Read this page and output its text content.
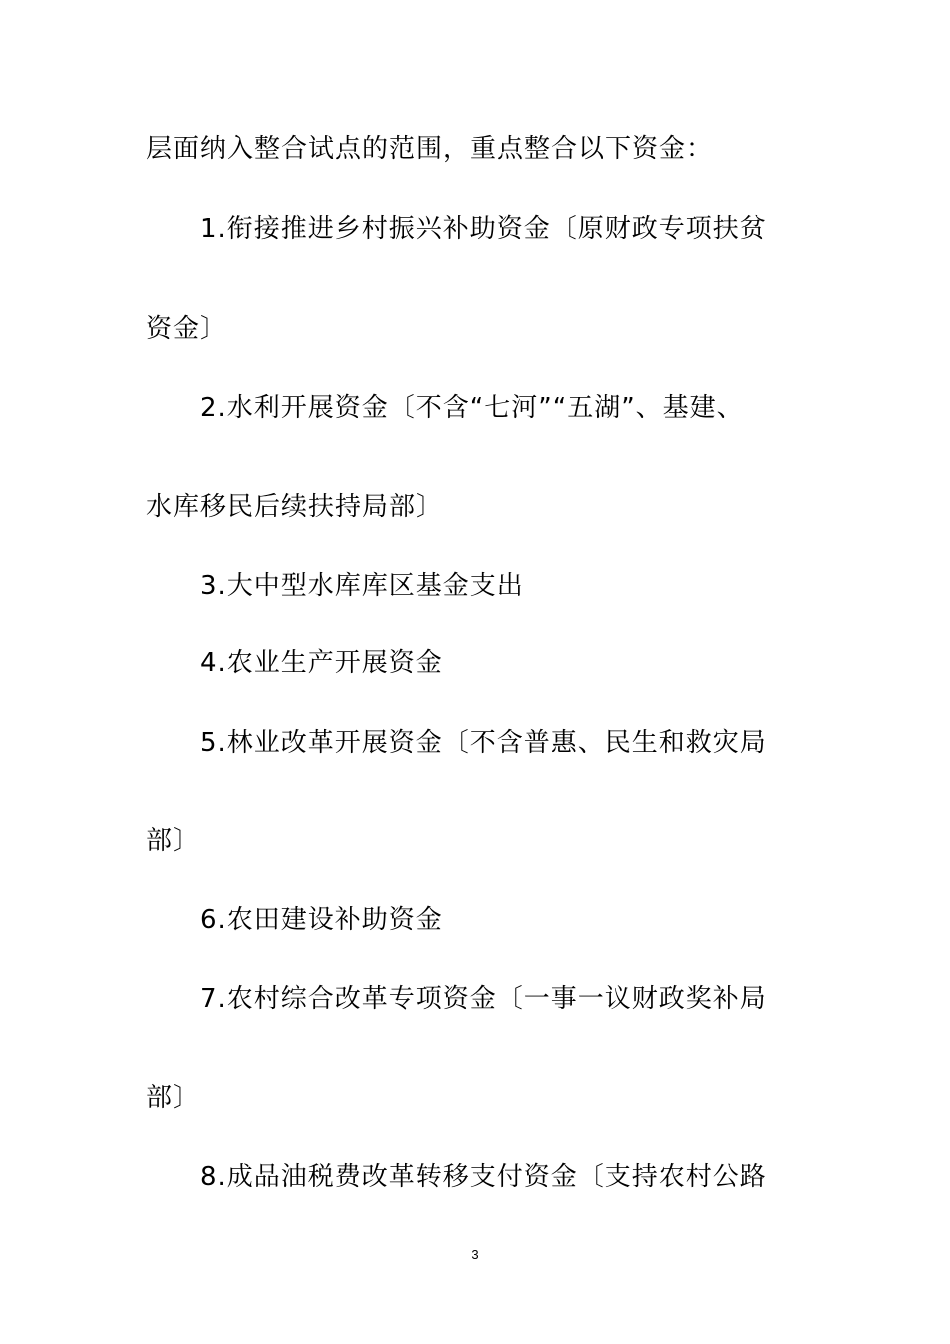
层面纳入整合试点的范围，重点整合以下资金：
1.衔接推进乡村振兴补助资金〔原财政专项扶贫
资金〕
2.水利开展资金〔不含“七河”“五湖”、基建、
水库移民后续扶持局部〕
3.大中型水库库区基金支出
4.农业生产开展资金
5.林业改革开展资金〔不含普惠、民生和救灾局
部〕
6.农田建设补助资金
7.农村综合改革专项资金〔一事一议财政奖补局
部〕
8.成品油税费改革转移支付资金〔支持农村公路
3
